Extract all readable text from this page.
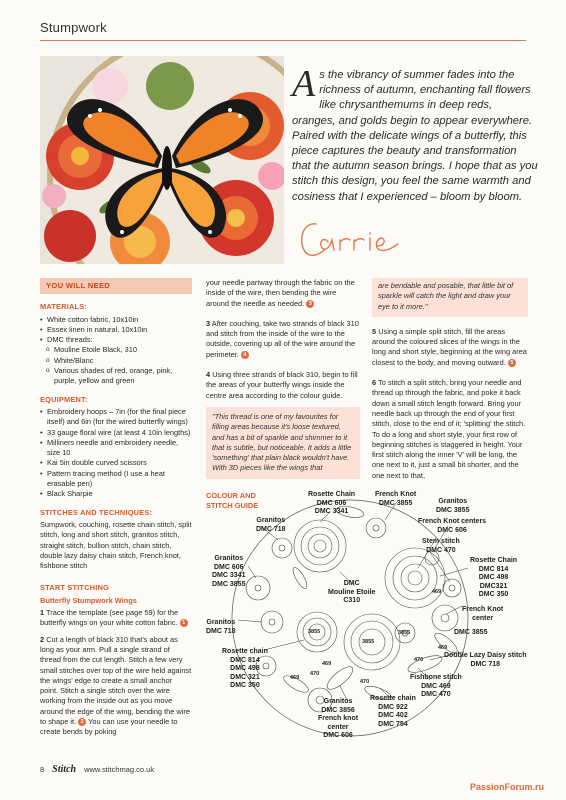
Stumpwork
A s the vibrancy of summer fades into the richness of autumn, enchanting fall flowers like chrysanthemums in deep reds, oranges, and golds begin to appear everywhere. Paired with the delicate wings of a butterfly, this piece captures the beauty and transformation that the autumn season brings. I hope that as you stitch this design, you feel the same warmth and cosiness that I experienced – bloom by bloom.
YOU WILL NEED
MATERIALS:
• White cotton fabric, 10x10in
• Essex linen in natural, 10x10in
• DMC threads:
o Mouline Etoile Black, 310
o White/Blanc
o Various shades of red, orange, pink, purple, yellow and green
EQUIPMENT:
• Embroidery hoops – 7in (for the final piece itself) and 6in (for the wired butterfly wings)
• 33 gauge floral wire (at least 4 10in lengths)
• Milliners needle and embroidery needle, size 10
• Kai 5in double curved scissors
• Pattern tracing method (I use a heat erasable pen)
• Black Sharpie
STITCHES AND TECHNIQUES:
Sumpwork, couching, rosette chain stitch, split stitch, long and short stitch, granitos stitch, straight stitch, bullion stitch, chain stitch, double lazy daisy chain stitch, French knot, fishbone stitch
START STITCHING
Butterfly Stumpwork Wings
1 Trace the template (see page 59) for the butterfly wings on your white cotton fabric. 1
2 Cut a length of black 310 that's about as long as your arm. Pull a single strand of thread from the cut length. Stitch a few very small stitches over top of the wire held against the wings' edge to create a small anchor point. Stitch a single stitch over the wire working from the inside out as you move around the edge of the wing, bending the wire to shape it. 2 You can use your needle to create bends by poking
your needle partway through the fabric on the inside of the wire, then bending the wire around the needle as needed. 3
3 After couching, take two strands of black 310 and stitch from the inside of the wire to the outside, covering up all of the wire around the perimeter. 4
4 Using three strands of black 310, begin to fill the areas of your butterfly wings inside the centre area according to the colour guide.
"This thread is one of my favourites for filling areas because it's loose textured, and has a bit of sparkle and shimmer to it that is subtle, but noticeable. It adds a little 'something' that plain black wouldn't have. With 3D pieces like the wings that
are bendable and posable, that little bit of sparkle will catch the light and draw your eye to it more."
5 Using a simple split stitch, fill the areas around the coloured slices of the wings in the long and short style, beginning at the wing area closest to the body, and moving outward. 5
6 To stitch a split stitch, bring your needle and thread up through the fabric, and poke it back down a small stitch length forward. Bring your needle back up through the end of your first stitch, close to the end of it; 'splitting' the stitch. To do a long and short style, your first row of beginning stitches is staggered in height. Your first stitch along the inner 'V' will be long, the one next to it, just a small bit shorter, and the one next to that,
COLOUR AND
STITCH GUIDE
3855
3855
3855
469
469
470
470
469
470
469
Rosette Chain
DMC 606
DMC 3341
French Knot
DMC 3855	Granitos
DMC 3855
French Knot centers
DMC 606
Granitos
DMC 718
Stem stitch
DMC 470
Granitos
DMC 606
DMC 3341
DMC 3855
Rosette Chain
DMC 814
DMC 498
DMC321
DMC 350
DMC
Mouline Etoile
C310
French Knot
center
DMC 3855
Granitos
DMC 718
Rosette chain
DMC 814
DMC 498
DMC 321
DMC 350
Double Lazy Daisy stitch
DMC 718
Fishbone stitch
DMC 469
DMC 470
Granitos
DMC 3856
French knot
center
DMC 606
Rosette chain
DMC 922
DMC 402
DMC 754
8 Stitch www.stitchmag.co.uk
PassionForum.ru
